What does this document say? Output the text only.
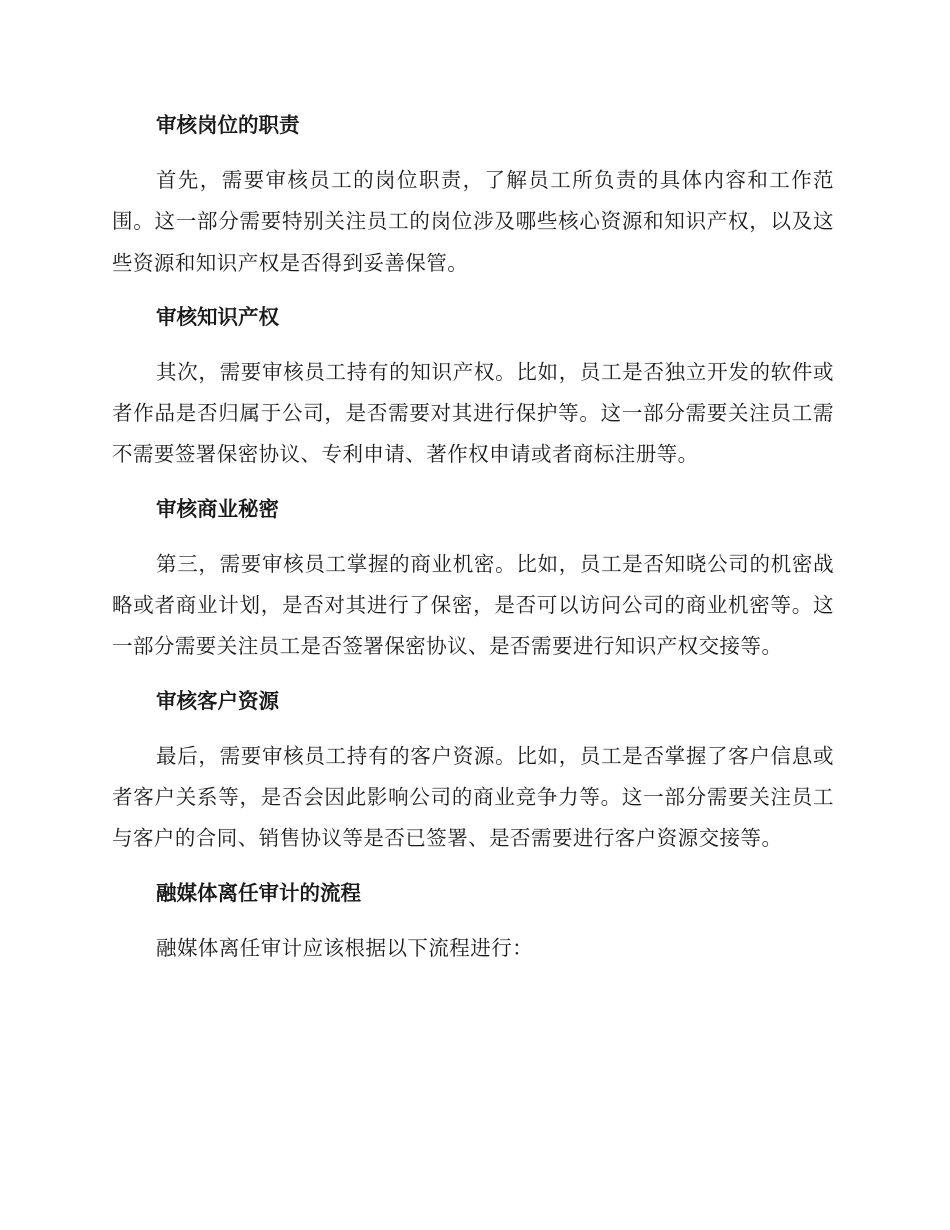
审核岗位的职责

首先，需要审核员工的岗位职责，了解员工所负责的具体内容和工作范围。这一部分需要特别关注员工的岗位涉及哪些核心资源和知识产权，以及这些资源和知识产权是否得到妥善保管。

审核知识产权

其次，需要审核员工持有的知识产权。比如，员工是否独立开发的软件或者作品是否归属于公司，是否需要对其进行保护等。这一部分需要关注员工需不需要签署保密协议、专利申请、著作权申请或者商标注册等。

审核商业秘密

第三，需要审核员工掌握的商业机密。比如，员工是否知晓公司的机密战略或者商业计划，是否对其进行了保密，是否可以访问公司的商业机密等。这一部分需要关注员工是否签署保密协议、是否需要进行知识产权交接等。

审核客户资源

最后，需要审核员工持有的客户资源。比如，员工是否掌握了客户信息或者客户关系等，是否会因此影响公司的商业竞争力等。这一部分需要关注员工与客户的合同、销售协议等是否已签署、是否需要进行客户资源交接等。

融媒体离任审计的流程

融媒体离任审计应该根据以下流程进行：
